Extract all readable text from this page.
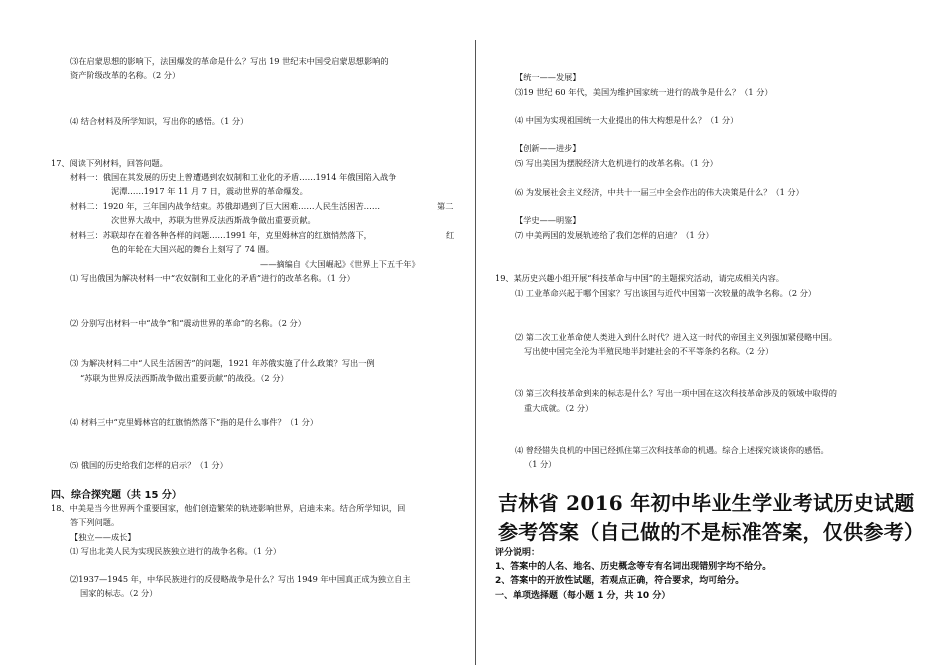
⑶在启蒙思想的影响下，法国爆发的革命是什么？写出 19 世纪末中国受启蒙思想影响的
资产阶级改革的名称。（2 分）
⑷ 结合材料及所学知识，写出你的感悟。（1 分）
17、阅读下列材料，回答问题。
材料一：俄国在其发展的历史上曾遭遇到农奴制和工业化的矛盾……1914 年俄国陷入战争
泥潭……1917 年 11 月 7 日，震动世界的革命爆发。
材料二：1920 年，三年国内战争结束。苏俄却遇到了巨大困难……人民生活困苦……	第二
次世界大战中，苏联为世界反法西斯战争做出重要贡献。
材料三：苏联却存在着各种各样的问题……1991 年，克里姆林宫的红旗悄然落下，	红
色的年轮在大国兴起的舞台上刻写了 74 圈。
——摘编自《大国崛起》《世界上下五千年》
⑴ 写出俄国为解决材料一中“农奴制和工业化的矛盾”进行的改革名称。（1 分）
⑵ 分别写出材料一中“战争”和“震动世界的革命”的名称。（2 分）
⑶ 为解决材料二中“人民生活困苦”的问题，1921 年苏俄实施了什么政策？写出一例
“苏联为世界反法西斯战争做出重要贡献”的战役。（2 分）
⑷ 材料三中“克里姆林宫的红旗悄然落下”指的是什么事件？（1 分）
⑸ 俄国的历史给我们怎样的启示？（1 分）
四、综合探究题（共 15 分）
18、中美是当今世界两个重要国家，他们创造繁荣的轨迹影响世界，启迪未来。结合所学知识，回
答下列问题。
【独立——成长】
⑴ 写出北美人民为实现民族独立进行的战争名称。（1 分）
⑵1937—1945 年，中华民族进行的反侵略战争是什么？写出 1949 年中国真正成为独立自主
国家的标志。（2 分）
【统一——发展】
⑶19 世纪 60 年代，美国为维护国家统一进行的战争是什么？（1 分）
⑷ 中国为实现祖国统一大业提出的伟大构想是什么？（1 分）
【创新——进步】
⑸ 写出美国为摆脱经济大危机进行的改革名称。（1 分）
⑹ 为发展社会主义经济，中共十一届三中全会作出的伟大决策是什么？（1 分）
【学史——明鉴】
⑺ 中美两国的发展轨迹给了我们怎样的启迪？（1 分）
19、某历史兴趣小组开展“科技革命与中国”的主题探究活动，请完成相关内容。
⑴ 工业革命兴起于哪个国家？写出该国与近代中国第一次较量的战争名称。（2 分）
⑵ 第二次工业革命使人类进入到什么时代？进入这一时代的帝国主义列强加紧侵略中国。
写出使中国完全沦为半殖民地半封建社会的不平等条约名称。（2 分）
⑶ 第三次科技革命到来的标志是什么？写出一项中国在这次科技革命涉及的领域中取得的
重大成就。（2 分）
⑷ 曾经错失良机的中国已经抓住第三次科技革命的机遇。综合上述探究谈谈你的感悟。
（1 分）
吉林省 2016 年初中毕业生学业考试历史试题
参考答案（自己做的不是标准答案，仅供参考）
评分说明：
1、答案中的人名、地名、历史概念等专有名词出现错别字均不给分。
2、答案中的开放性试题，若观点正确，符合要求，均可给分。
一、单项选择题（每小题 1 分，共 10 分）
